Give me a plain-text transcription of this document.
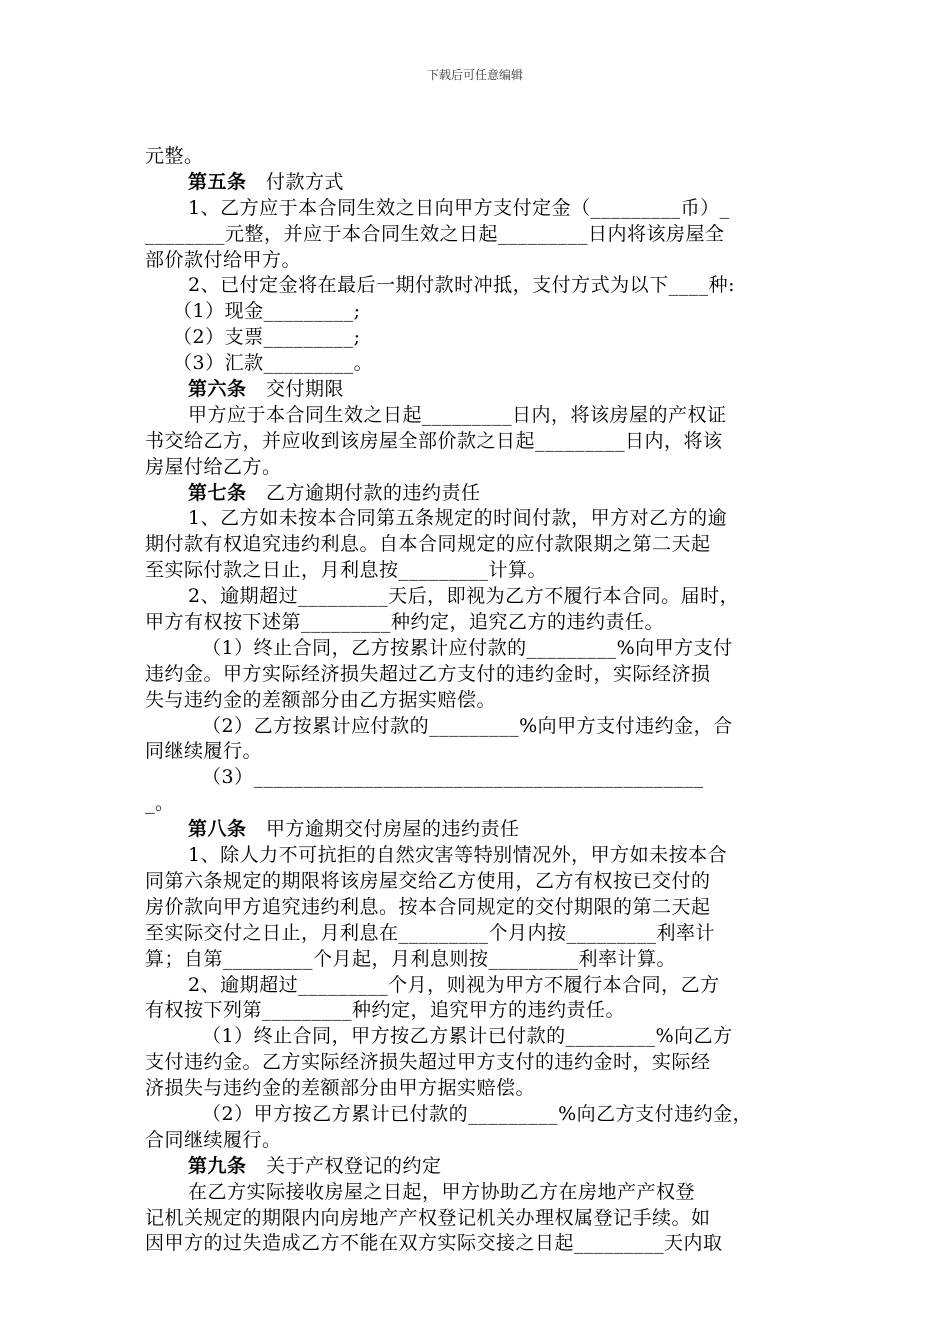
下载后可任意编辑
元整。
第五条　付款方式
1、乙方应于本合同生效之日向甲方支付定金（_________币）_
________元整，并应于本合同生效之日起_________日内将该房屋全
部价款付给甲方。
2、已付定金将在最后一期付款时冲抵，支付方式为以下____种:
（1）现金_________;
（2）支票_________;
（3）汇款_________。
第六条　交付期限
甲方应于本合同生效之日起_________日内，将该房屋的产权证
书交给乙方，并应收到该房屋全部价款之日起_________日内，将该
房屋付给乙方。
第七条　乙方逾期付款的违约责任
1、乙方如未按本合同第五条规定的时间付款，甲方对乙方的逾
期付款有权追究违约利息。自本合同规定的应付款限期之第二天起
至实际付款之日止，月利息按_________计算。
2、逾期超过_________天后，即视为乙方不履行本合同。届时，
甲方有权按下述第_________种约定，追究乙方的违约责任。
（1）终止合同，乙方按累计应付款的_________%向甲方支付
违约金。甲方实际经济损失超过乙方支付的违约金时，实际经济损
失与违约金的差额部分由乙方据实赔偿。
（2）乙方按累计应付款的_________%向甲方支付违约金，合
同继续履行。
（3）_____________________________________________
_。
第八条　甲方逾期交付房屋的违约责任
1、除人力不可抗拒的自然灾害等特别情况外，甲方如未按本合
同第六条规定的期限将该房屋交给乙方使用，乙方有权按已交付的
房价款向甲方追究违约利息。按本合同规定的交付期限的第二天起
至实际交付之日止，月利息在_________个月内按_________利率计
算；自第_________个月起，月利息则按_________利率计算。
2、逾期超过_________个月，则视为甲方不履行本合同，乙方
有权按下列第_________种约定，追究甲方的违约责任。
（1）终止合同，甲方按乙方累计已付款的_________%向乙方
支付违约金。乙方实际经济损失超过甲方支付的违约金时，实际经
济损失与违约金的差额部分由甲方据实赔偿。
（2）甲方按乙方累计已付款的_________%向乙方支付违约金，
合同继续履行。
第九条　关于产权登记的约定
在乙方实际接收房屋之日起，甲方协助乙方在房地产产权登
记机关规定的期限内向房地产产权登记机关办理权属登记手续。如
因甲方的过失造成乙方不能在双方实际交接之日起_________天内取
